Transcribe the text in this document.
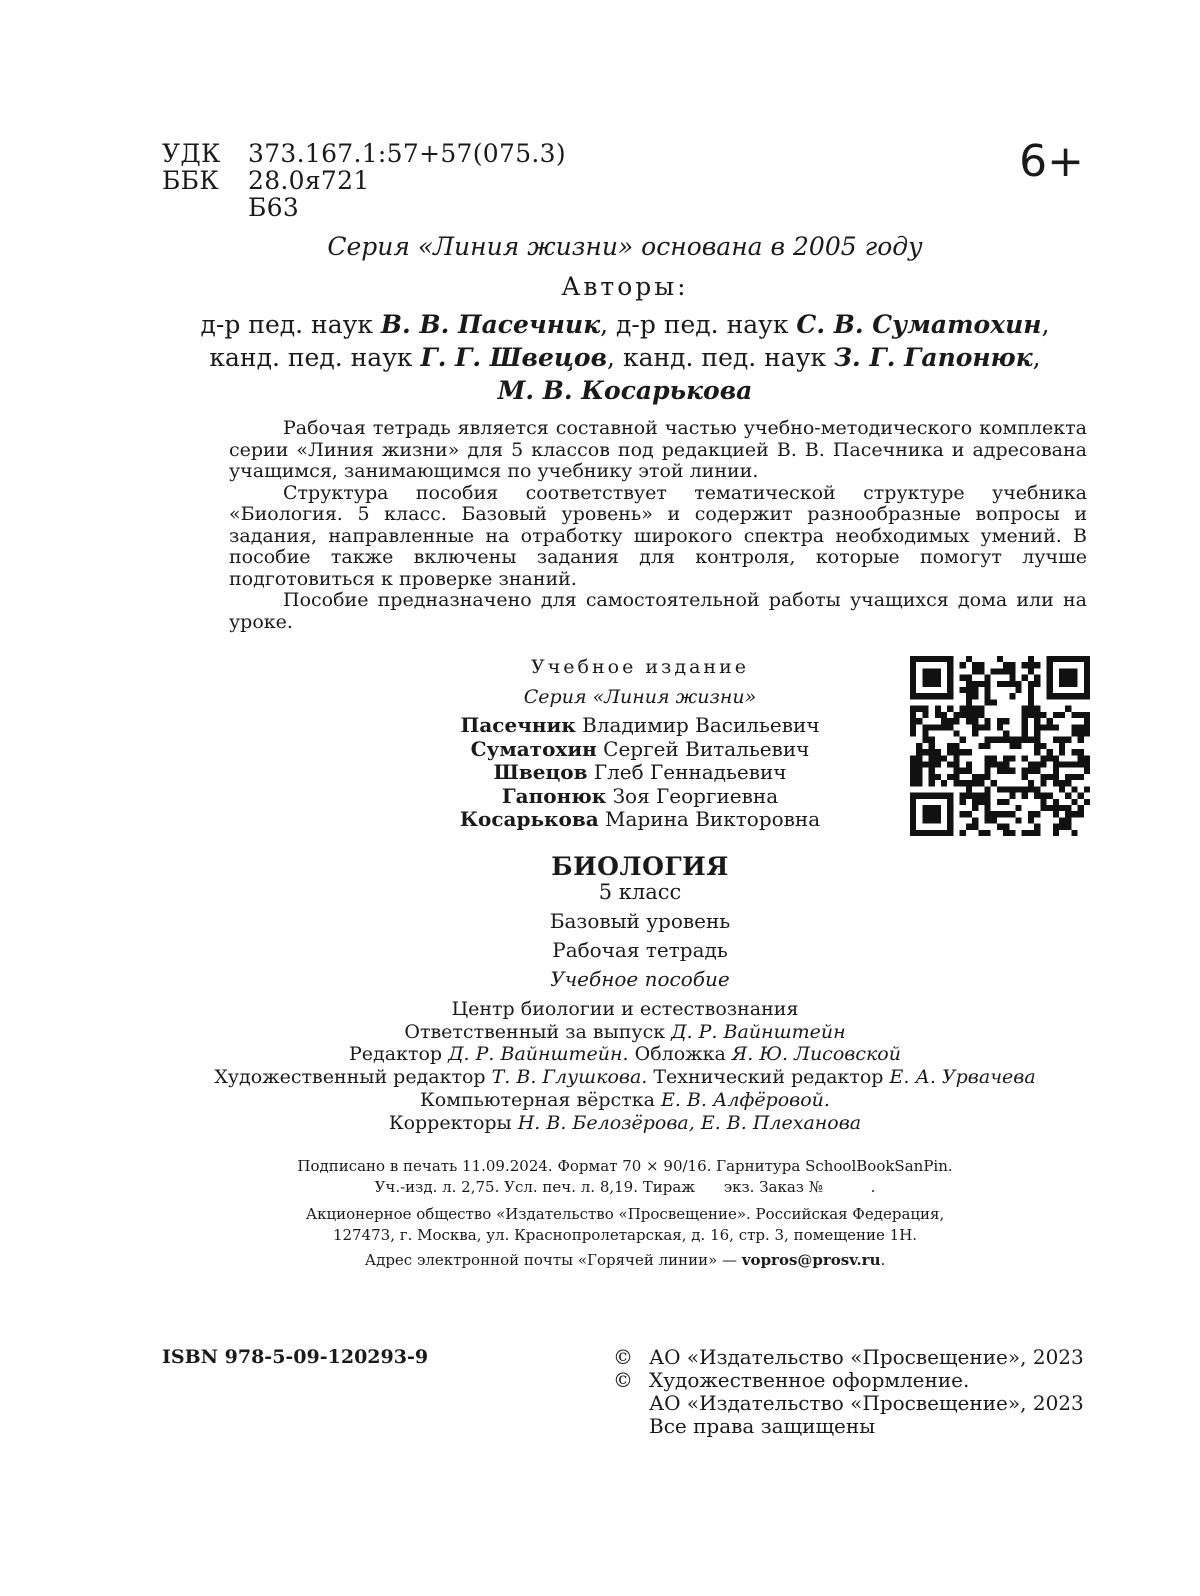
УДК	373.167.1:57+57(075.3)
ББК	28.0я721
Б63
6+
Серия «Линия жизни» основана в 2005 году
Авторы:
д-р пед. наук В. В. Пасечник, д-р пед. наук С. В. Суматохин,
канд. пед. наук Г. Г. Швецов, канд. пед. наук З. Г. Гапонюк,
М. В. Косарькова

Рабочая тетрадь является составной частью учебно-методического комплекта серии «Линия жизни» для 5 классов под редакцией В. В. Пасечника и адресована учащимся, занимающимся по учебнику этой линии.

Структура пособия соответствует тематической структуре учебника «Биология. 5 класс. Базовый уровень» и содержит разнообразные вопросы и задания, направленные на отработку широкого спектра необходимых умений. В пособие также включены задания для контроля, которые помогут лучше подготовиться к проверке знаний.

Пособие предназначено для самостоятельной работы учащихся дома или на уроке.

Учебное издание
Серия «Линия жизни»
Пасечник Владимир Васильевич
Суматохин Сергей Витальевич
Швецов Глеб Геннадьевич
Гапонюк Зоя Георгиевна
Косарькова Марина Викторовна
БИОЛОГИЯ
5 класс
Базовый уровень
Рабочая тетрадь
Учебное пособие
Центр биологии и естествознания
Ответственный за выпуск Д. Р. Вайнштейн
Редактор Д. Р. Вайнштейн. Обложка Я. Ю. Лисовской
Художественный редактор Т. В. Глушкова. Технический редактор Е. А. Урвачева
Компьютерная вёрстка Е. В. Алфёровой.
Корректоры Н. В. Белозёрова, Е. В. Плеханова
Подписано в печать 11.09.2024. Формат 70 × 90/16. Гарнитура SchoolBookSanPin.
Уч.-изд. л. 2,75. Усл. печ. л. 8,19. Тираж      экз. Заказ №          .
Акционерное общество «Издательство «Просвещение». Российская Федерация,
127473, г. Москва, ул. Краснопролетарская, д. 16, стр. 3, помещение 1Н.
Адрес электронной почты «Горячей линии» — vopros@prosv.ru.
ISBN 978-5-09-120293-9	© АО «Издательство «Просвещение», 2023
© Художественное оформление.
АО «Издательство «Просвещение», 2023
Все права защищены
